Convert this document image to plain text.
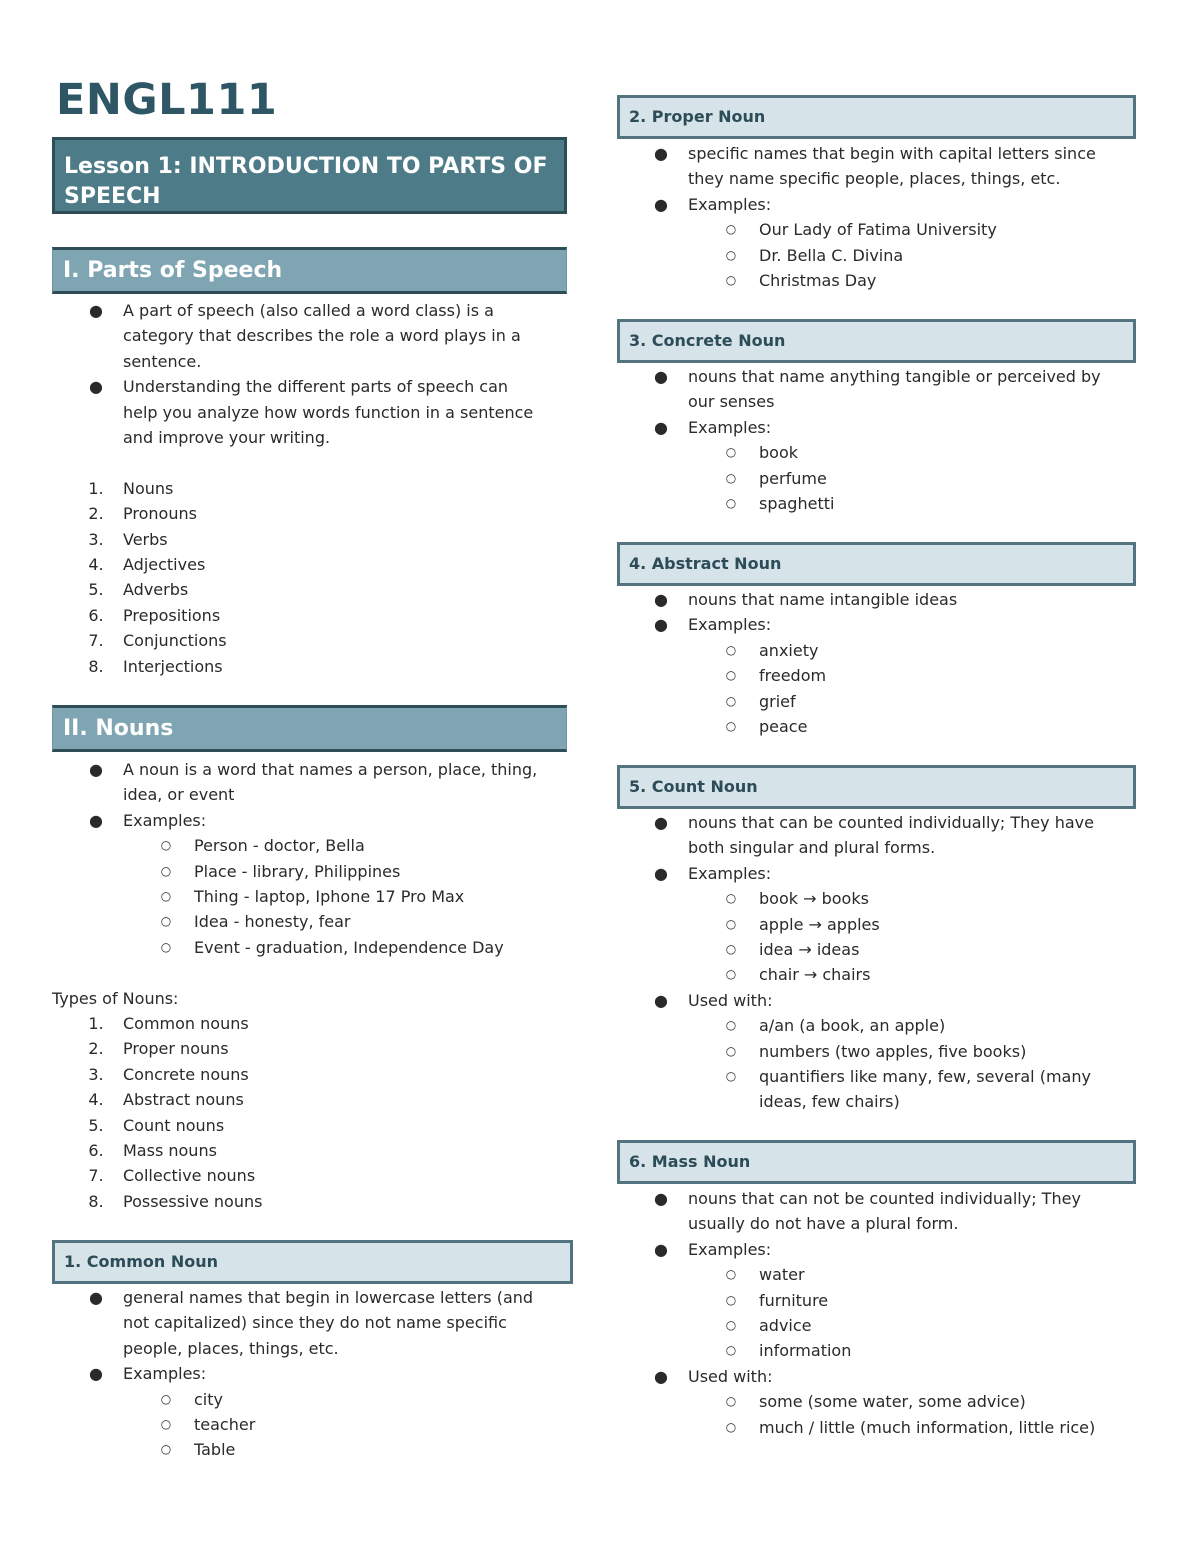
ENGL111
Lesson 1: INTRODUCTION TO PARTS OF SPEECH
I. Parts of Speech
● A part of speech (also called a word class) is a
category that describes the role a word plays in a
sentence.
● Understanding the different parts of speech can
help you analyze how words function in a sentence
and improve your writing.
1. Nouns
2. Pronouns
3. Verbs
4. Adjectives
5. Adverbs
6. Prepositions
7. Conjunctions
8. Interjections
II. Nouns
● A noun is a word that names a person, place, thing,
idea, or event
● Examples:
○ Person - doctor, Bella
○ Place - library, Philippines
○ Thing - laptop, Iphone 17 Pro Max
○ Idea - honesty, fear
○ Event - graduation, Independence Day
Types of Nouns:
1. Common nouns
2. Proper nouns
3. Concrete nouns
4. Abstract nouns
5. Count nouns
6. Mass nouns
7. Collective nouns
8. Possessive nouns
1. Common Noun
● general names that begin in lowercase letters (and
not capitalized) since they do not name specific
people, places, things, etc.
● Examples:
○ city
○ teacher
○ Table
2. Proper Noun
● specific names that begin with capital letters since
they name specific people, places, things, etc.
● Examples:
○ Our Lady of Fatima University
○ Dr. Bella C. Divina
○ Christmas Day
3. Concrete Noun
● nouns that name anything tangible or perceived by
our senses
● Examples:
○ book
○ perfume
○ spaghetti
4. Abstract Noun
● nouns that name intangible ideas
● Examples:
○ anxiety
○ freedom
○ grief
○ peace
5. Count Noun
● nouns that can be counted individually; They have
both singular and plural forms.
● Examples:
○ book → books
○ apple → apples
○ idea → ideas
○ chair → chairs
● Used with:
○ a/an (a book, an apple)
○ numbers (two apples, five books)
○ quantifiers like many, few, several (many
ideas, few chairs)
6. Mass Noun
● nouns that can not be counted individually; They
usually do not have a plural form.
● Examples:
○ water
○ furniture
○ advice
○ information
● Used with:
○ some (some water, some advice)
○ much / little (much information, little rice)
